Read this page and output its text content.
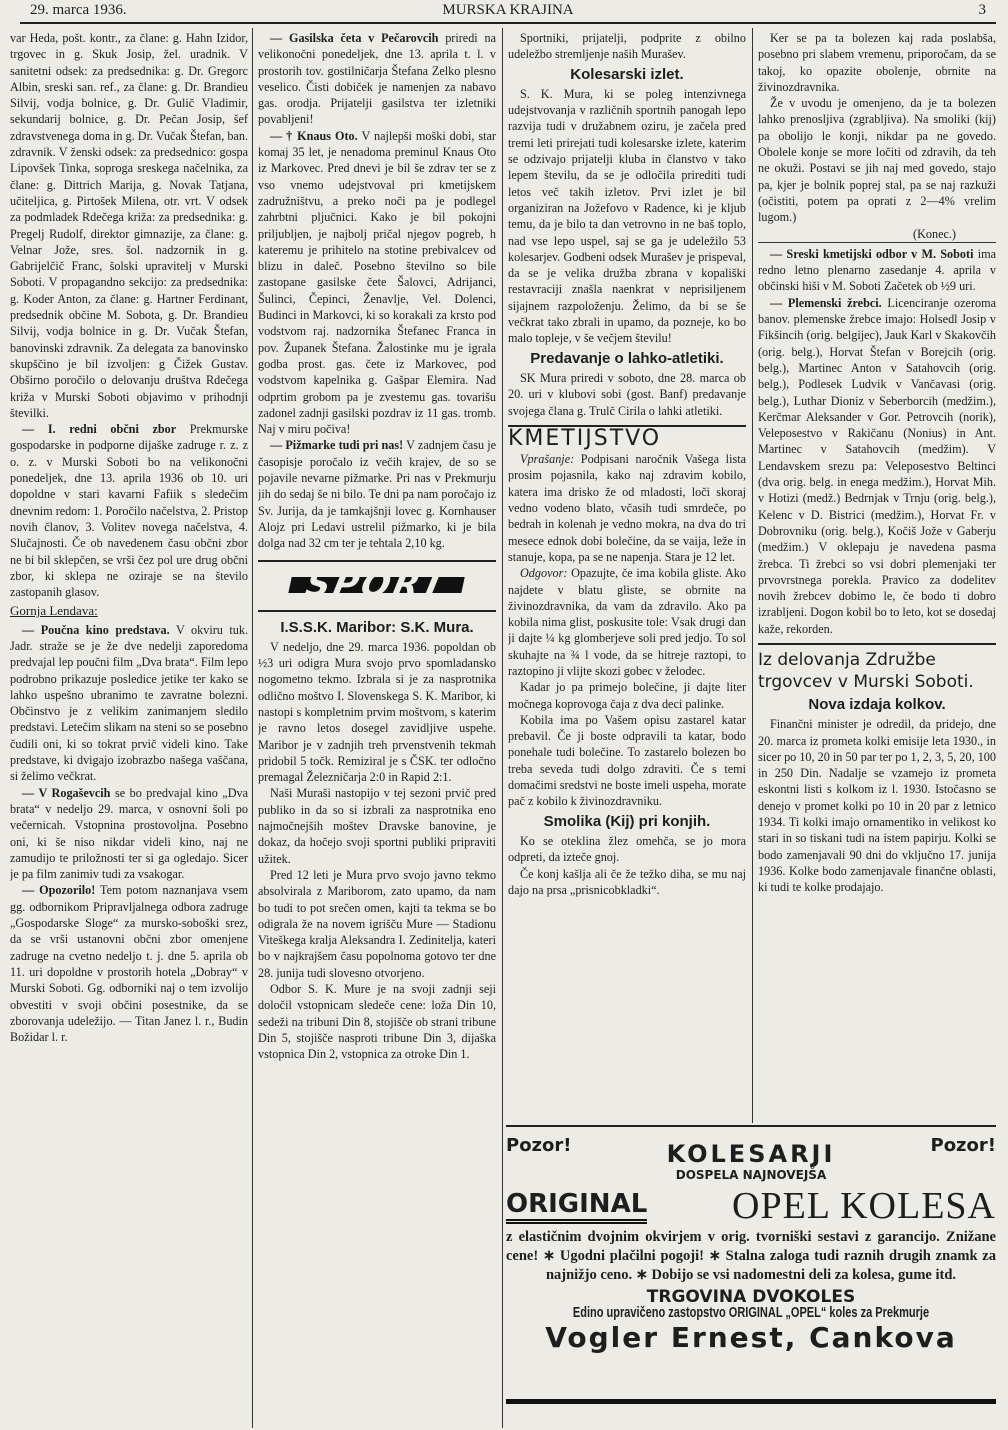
29. marca 1936.	MURSKA KRAJINA	3

var Heda, pošt. kontr., za člane: g. Hahn Izidor, trgovec in g. Skuk Josip, žel. uradnik. V sanitetni odsek: za predsednika: g. Dr. Gregorc Albin, sreski san. ref., za člane: g. Dr. Brandieu Silvij, vodja bolnice, g. Dr. Gulič Vladimir, sekundarij bolnice, g. Dr. Pečan Josip, šef zdravstvenega doma in g. Dr. Vučak Štefan, ban. zdravnik. V ženski odsek: za predsednico: gospa Lipovšek Tinka, soproga sreskega načelnika, za člane: g. Dittrich Marija, g. Novak Tatjana, učiteljica, g. Pirtošek Milena, otr. vrt. V odsek za podmladek Rdečega križa: za predsednika: g. Pregelj Rudolf, direktor gimnazije, za člane: g. Velnar Jože, sres. šol. nadzornik in g. Gabrijelčič Franc, šolski upravitelj v Murski Soboti. V propagandno sekcijo: za predsednika: g. Koder Anton, za člane: g. Hartner Ferdinant, predsednik občine M. Sobota, g. Dr. Brandieu Silvij, vodja bolnice in g. Dr. Vučak Štefan, banovinski zdravnik. Za delegata za banovinsko skupščino je bil izvoljen: g Čižek Gustav. Obširno poročilo o delovanju društva Rdečega križa v Murski Soboti objavimo v prihodnji številki.

— I. redni občni zbor Prekmurske gospodarske in podporne dijaške zadruge r. z. z o. z. v Murski Soboti bo na velikonočni ponedeljek, dne 13. aprila 1936 ob 10. uri dopoldne v stari kavarni Fafiik s sledečim dnevnim redom: 1. Poročilo načelstva, 2. Pristop novih članov, 3. Volitev novega načelstva, 4. Slučajnosti. Če ob navedenem času občni zbor ne bi bil sklepčen, se vrši čez pol ure drug občni zbor, ki sklepa ne oziraje se na število zastopanih glasov.

Gornja Lendava:

— Poučna kino predstava. V okviru tuk. Jadr. straže se je že dve nedelji zaporedoma predvajal lep poučni film „Dva brata“. Film lepo podrobno prikazuje posledice jetike ter kako se lahko uspešno ubranimo te zavratne bolezni. Občinstvo je z velikim zanimanjem sledilo predstavi. Letečim slikam na steni so se posebno čudili oni, ki so tokrat prvič videli kino. Take predstave, ki dvigajo izobrazbo našega vaščana, si želimo večkrat.

— V Rogaševcih se bo predvajal kino „Dva brata“ v nedeljo 29. marca, v osnovni šoli po večernicah. Vstopnina prostovoljna. Posebno oni, ki še niso nikdar videli kino, naj ne zamudijo te priložnosti ter si ga ogledajo. Sicer je pa film zanimiv tudi za vsakogar.

— Opozorilo! Tem potom naznanjava vsem gg. odbornikom Pripravljalnega odbora zadruge „Gospodarske Sloge“ za mursko-soboški srez, da se vrši ustanovni občni zbor omenjene zadruge na cvetno nedeljo t. j. dne 5. aprila ob 11. uri dopoldne v prostorih hotela „Dobray“ v Murski Soboti. Gg. odborniki naj o tem izvolijo obvestiti v svoji občini posestnike, da se zborovanja udeležijo. — Titan Janez l. r., Budin Božidar l. r.

— Gasilska četa v Pečarovcih priredi na velikonočni ponedeljek, dne 13. aprila t. l. v prostorih tov. gostilničarja Štefana Zelko plesno veselico. Čisti dobiček je namenjen za nabavo gas. orodja. Prijatelji gasilstva ter izletniki povabljeni!

— † Knaus Oto. V najlepši moški dobi, star komaj 35 let, je nenadoma preminul Knaus Oto iz Markovec. Pred dnevi je bil še zdrav ter se z vso vnemo udejstvoval pri kmetijskem zadružništvu, a preko noči pa je podlegel zahrbtni pljučnici. Kako je bil pokojni priljubljen, je najbolj pričal njegov pogreb, h kateremu je prihitelo na stotine prebivalcev od blizu in daleč. Posebno številno so bile zastopane gasilske čete Šalovci, Adrijanci, Šulinci, Čepinci, Ženavlje, Vel. Dolenci, Budinci in Markovci, ki so korakali za krsto pod vodstvom raj. nadzornika Štefanec Franca in pov. Županek Štefana. Žalostinke mu je igrala godba prost. gas. čete iz Markovec, pod vodstvom kapelnika g. Gašpar Elemira. Nad odprtim grobom pa je zvestemu gas. tovarišu zadonel zadnji gasilski pozdrav iz 11 gas. tromb. Naj v miru počiva!

— Pižmarke tudi pri nas! V zadnjem času je časopisje poročalo iz večih krajev, de so se pojavile nevarne pižmarke. Pri nas v Prekmurju jih do sedaj še ni bilo. Te dni pa nam poročajo iz Sv. Jurija, da je tamkajšnji lovec g. Kornhauser Alojz pri Ledavi ustrelil pižmarko, ki je bila dolga nad 32 cm ter je tehtala 2,10 kg.

SPORT
I.S.S.K. Maribor: S.K. Mura.

V nedeljo, dne 29. marca 1936. popoldan ob ½3 uri odigra Mura svojo prvo spomladansko nogometno tekmo. Izbrala si je za nasprotnika odlično moštvo I. Slovenskega S. K. Maribor, ki nastopi s kompletnim prvim moštvom, s katerim je ravno letos dosegel zavidljive uspehe. Maribor je v zadnjih treh prvenstvenih tekmah pridobil 5 točk. Remiziral je s ČSK. ter odločno premagal Železničarja 2:0 in Rapid 2:1.

Naši Muraši nastopijo v tej sezoni prvič pred publiko in da so si izbrali za nasprotnika eno najmočnejših moštev Dravske banovine, je dokaz, da hočejo svoji sportni publiki pripraviti užitek.

Pred 12 leti je Mura prvo svojo javno tekmo absolvirala z Mariborom, zato upamo, da nam bo tudi to pot srečen omen, kajti ta tekma se bo odigrala že na novem igrišču Mure — Stadionu Viteškega kralja Aleksandra I. Zedinitelja, kateri bo v najkrajšem času popolnoma gotovo ter dne 28. junija tudi slovesno otvorjeno.

Odbor S. K. Mure je na svoji zadnji seji določil vstopnicam sledeče cene: loža Din 10, sedeži na tribuni Din 8, stojišče ob strani tribune Din 5, stojišče nasproti tribune Din 3, dijaška vstopnica Din 2, vstopnica za otroke Din 1.

Sportniki, prijatelji, podprite z obilno udeležbo stremljenje naših Murašev.

Kolesarski izlet.

S. K. Mura, ki se poleg intenzivnega udejstvovanja v različnih sportnih panogah lepo razvija tudi v družabnem oziru, je začela pred tremi leti prirejati tudi kolesarske izlete, katerim se odzivajo prijatelji kluba in članstvo v tako lepem številu, da se je odločila prirediti tudi letos več takih izletov. Prvi izlet je bil organiziran na Jožefovo v Radence, ki je kljub temu, da je bilo ta dan vetrovno in ne baš toplo, nad vse lepo uspel, saj se ga je udeležilo 53 kolesarjev. Godbeni odsek Murašev je prispeval, da se je velika družba zbrana v kopališki restavraciji znašla naenkrat v neprisiljenem sijajnem razpoloženju. Želimo, da bi se še večkrat tako zbrali in upamo, da pozneje, ko bo malo topleje, v še večjem številu!

Predavanje o lahko-atletiki.

SK Mura priredi v soboto, dne 28. marca ob 20. uri v klubovi sobi (gost. Banf) predavanje svojega člana g. Trulč Cirila o lahki atletiki.

KMETIJSTVO

Vprašanje: Podpisani naročnik Vašega lista prosim pojasnila, kako naj zdravim kobilo, katera ima drisko že od mladosti, loči skoraj vedno vodeno blato, včasih tudi smrdeče, po bedrah in kolenah je vedno mokra, na dva do tri mesece ednok dobi bolečine, da se vaija, leže in stanuje, kopa, pa se ne napenja. Stara je 12 let.

Odgovor: Opazujte, če ima kobila gliste. Ako najdete v blatu gliste, se obrnite na živinozdravnika, da vam da zdravilo. Ako pa kobila nima glist, poskusite tole: Vsak drugi dan ji dajte ¼ kg glomberjeve soli pred jedjo. To sol skuhajte na ¾ l vode, da se hitreje raztopi, to raztopino ji vlijte skozi gobec v želodec.

Kadar jo pa primejo bolečine, ji dajte liter močnega koprovoga čaja z dva deci palinke.

Kobila ima po Vašem opisu zastarel katar prebavil. Če ji boste odpravili ta katar, bodo ponehale tudi bolečine. To zastarelo bolezen bo treba seveda tudi dolgo zdraviti. Če s temi domačimi sredstvi ne boste imeli uspeha, morate pač z kobilo k živinozdravniku.

Smolika (Kij) pri konjih.

Ko se oteklina žlez omehča, se jo mora odpreti, da izteče gnoj.

Če konj kašlja ali če že težko diha, se mu naj dajo na prsa „prisnicobkladki“.

Ker se pa ta bolezen kaj rada poslabša, posebno pri slabem vremenu, priporočam, da se takoj, ko opazite obolenje, obrnite na živinozdravnika.

Že v uvodu je omenjeno, da je ta bolezen lahko prenosljiva (zgrabljiva). Na smoliki (kij) pa obolijo le konji, nikdar pa ne govedo. Obolele konje se more ločiti od zdravih, da teh ne okuži. Postavi se jih naj med govedo, stajo pa, kjer je bolnik poprej stal, pa se naj razkuži (očistiti, potem pa oprati z 2—4% vrelim lugom.)

(Konec.)

— Sreski kmetijski odbor v M. Soboti ima redno letno plenarno zasedanje 4. aprila v občinski hiši v M. Soboti Začetek ob ½9 uri.

— Plemenski žrebci. Licenciranje ozeroma banov. plemenske žrebce imajo: Holsedl Josip v Fikšincih (orig. belgijec), Jauk Karl v Skakovčih (orig. belg.), Horvat Štefan v Borejcih (orig. belg.), Martinec Anton v Satahovcih (orig. belg.), Podlesek Ludvik v Vančavasi (orig. belg.), Luthar Dioniz v Seberborcih (medžim.), Kerčmar Aleksander v Gor. Petrovcih (norik), Veleposestvo v Rakičanu (Nonius) in Ant. Martinec v Satahovcih (medžim). V Lendavskem srezu pa: Veleposestvo Beltinci (dva orig. belg. in enega medžim.), Horvat Mih. v Hotizi (medž.) Bedrnjak v Trnju (orig. belg.), Kelenc v D. Bistrici (medžim.), Horvat Fr. v Dobrovniku (orig. belg.), Kočiš Jože v Gaberju (medžim.) V oklepaju je navedena pasma žrebca. Ti žrebci so vsi dobri plemenjaki ter prvovrstnega porekla. Pravico za dodelitev novih žrebcev dobimo le, če bodo ti dobro izrabljeni. Dogon kobil bo to leto, kot se dosedaj kaže, rekorden.

Iz delovanja Združbe trgovcev v Murski Soboti.
Nova izdaja kolkov.

Finančni minister je odredil, da pridejo, dne 20. marca iz prometa kolki emisije leta 1930., in sicer po 10, 20 in 50 par ter po 1, 2, 3, 5, 20, 100 in 250 Din. Nadalje se vzamejo iz prometa eskontni listi s kolkom iz l. 1930. Istočasno se denejo v promet kolki po 10 in 20 par z letnico 1934. Ti kolki imajo ornamentiko in velikost ko stari in so tiskani tudi na istem papirju. Kolki se bodo zamenjavali 90 dni do vključno 17. junija 1936. Kolke bodo zamenjavale finančne oblasti, ki tudi te kolke prodajajo.

Pozor!	Pozor!
KOLESARJI
DOSPELA NAJNOVEJŠA
ORIGINAL OPEL KOLESA
z elastičnim dvojnim okvirjem v orig. tvorniški sestavi z garancijo. Znižane cene! ∗ Ugodni plačilni pogoji! ∗ Stalna zaloga tudi raznih drugih znamk za najnižjo ceno. ∗ Dobijo se vsi nadomestni deli za kolesa, gume itd.
TRGOVINA DVOKOLES
Edino upravičeno zastopstvo ORIGINAL „OPEL“ koles za Prekmurje
Vogler Ernest, Cankova
